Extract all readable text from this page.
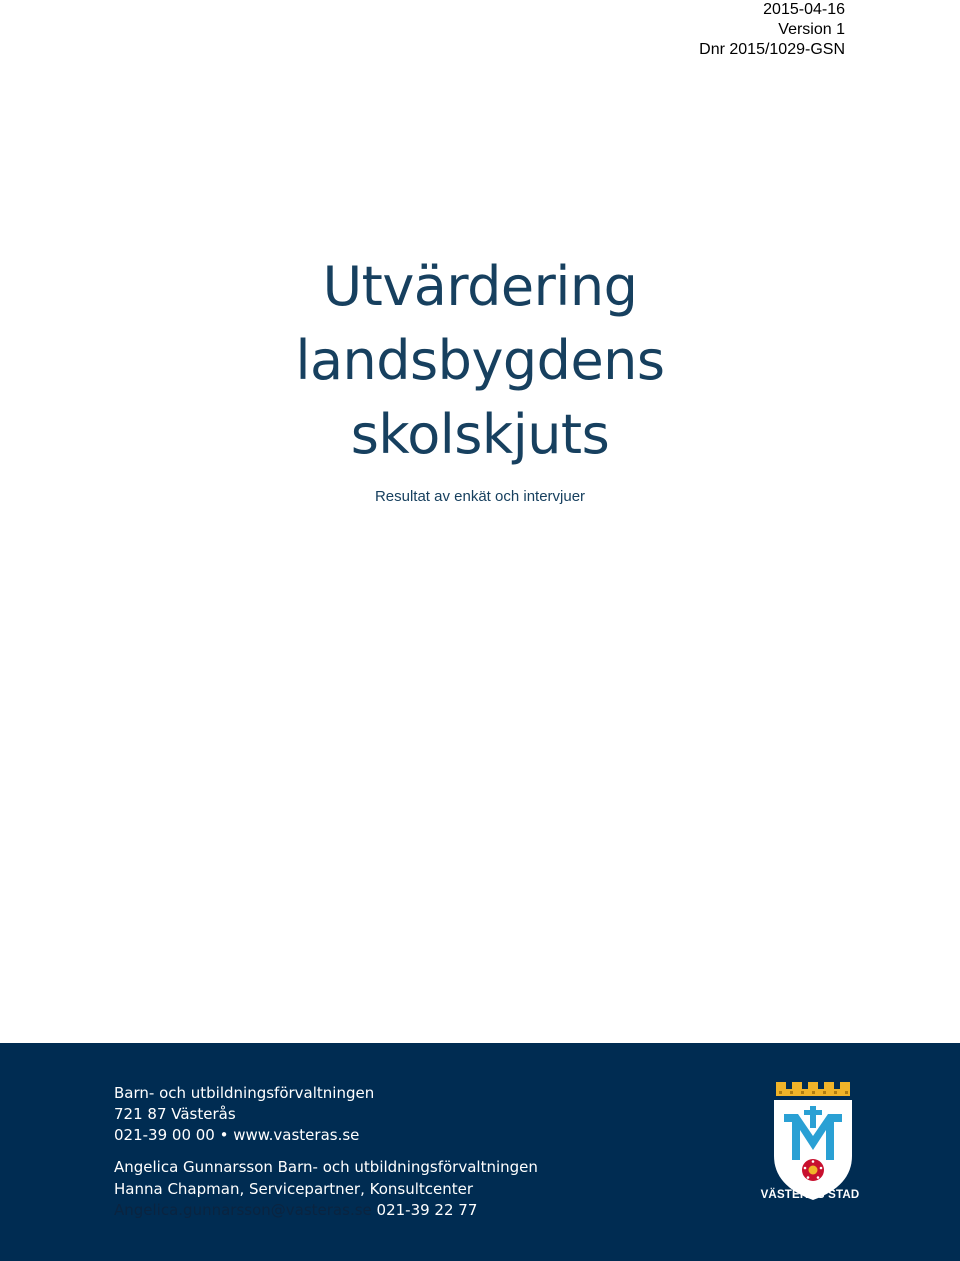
2015-04-16
Version 1
Dnr 2015/1029-GSN
Utvärdering
landsbygdens
skolskjuts
Resultat av enkät och intervjuer
Barn- och utbildningsförvaltningen
721 87 Västerås
021-39 00 00 • www.vasteras.se
Angelica Gunnarsson Barn- och utbildningsförvaltningen
Hanna Chapman, Servicepartner, Konsultcenter
Angelica.gunnarsson@vasteras.se 021-39 22 77
VÄSTERÅS STAD
